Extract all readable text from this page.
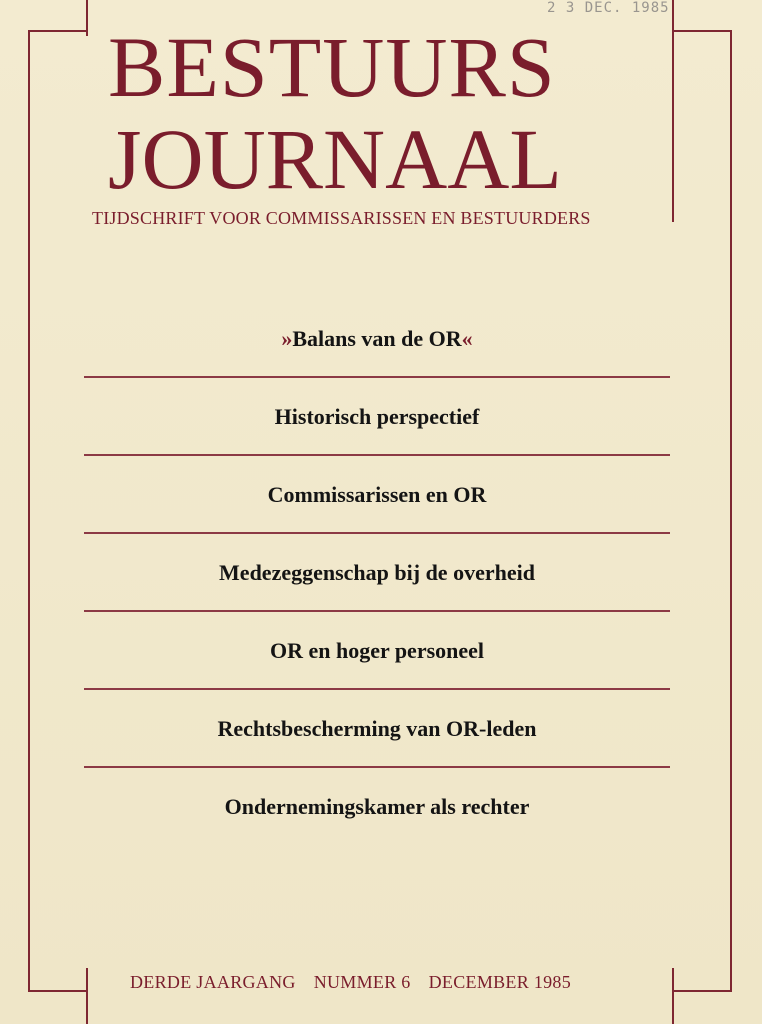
2 3 DEC. 1985
BESTUURS
JOURNAAL
TIJDSCHRIFT VOOR COMMISSARISSEN EN BESTUURDERS
»Balans van de OR«
Historisch perspectief
Commissarissen en OR
Medezeggenschap bij de overheid
OR en hoger personeel
Rechtsbescherming van OR-leden
Ondernemingskamer als rechter
DERDE JAARGANG NUMMER 6 DECEMBER 1985
